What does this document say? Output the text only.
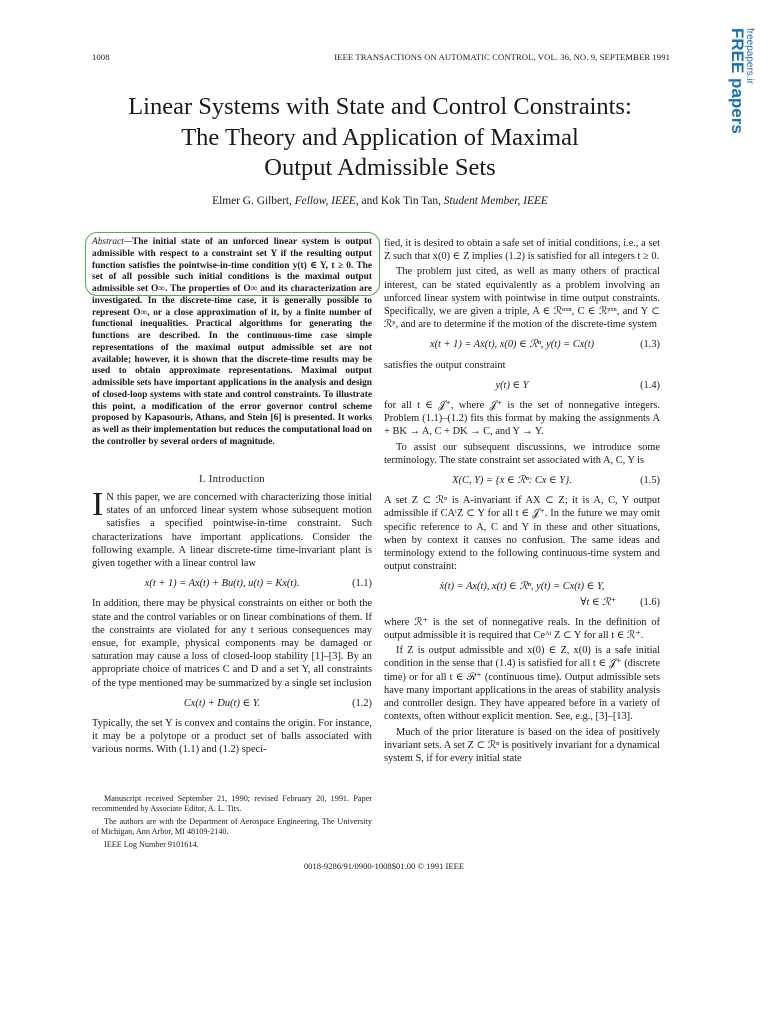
1008	IEEE TRANSACTIONS ON AUTOMATIC CONTROL, VOL. 36, NO. 9, SEPTEMBER 1991	FREE papers
freepapers.ir
Linear Systems with State and Control Constraints:
The Theory and Application of Maximal
Output Admissible Sets
Elmer G. Gilbert, Fellow, IEEE, and Kok Tin Tan, Student Member, IEEE
Abstract—The initial state of an unforced linear system is output admissible with respect to a constraint set Y if the resulting output function satisfies the pointwise-in-time condition y(t) ∈ Y, t ≥ 0. The set of all possible such initial conditions is the maximal output admissible set O∞. The properties of O∞ and its characterization are investigated. In the discrete-time case, it is generally possible to represent O∞, or a close approximation of it, by a finite number of functional inequalities. Practical algorithms for generating the functions are described. In the continuous-time case simple representations of the maximal output admissible set are not available; however, it is shown that the discrete-time results may be used to obtain approximate representations. Maximal output admissible sets have important applications in the analysis and design of closed-loop systems with state and control constraints. To illustrate this point, a modification of the error governor control scheme proposed by Kapasouris, Athans, and Stein [6] is presented. It works as well as their implementation but reduces the computational load on the controller by several orders of magnitude.
I. Introduction

I N this paper, we are concerned with characterizing those initial states of an unforced linear system whose subsequent motion satisfies a specified pointwise-in-time constraint. Such characterizations have important applications. Consider the following example. A linear discrete-time time-invariant plant is given together with a linear control law

x(t + 1) = Ax(t) + Bu(t), u(t) = Kx(t).	(1.1)

In addition, there may be physical constraints on either or both the state and the control variables or on linear combinations of them. If the constraints are violated for any t serious consequences may ensue, for example, physical components may be damaged or saturation may cause a loss of closed-loop stability [1]–[3]. By an appropriate choice of matrices C and D and a set Y, all constraints of the type mentioned may be summarized by a single set inclusion

Cx(t) + Du(t) ∈ Y.	(1.2)

Typically, the set Y is convex and contains the origin. For instance, it may be a polytope or a product set of balls associated with various norms. With (1.1) and (1.2) speci-

Manuscript received September 21, 1990; revised February 20, 1991. Paper recommended by Associate Editor, A. L. Tits.

The authors are with the Department of Aerospace Engineering, The University of Michigan, Ann Arbor, MI 48109-2140.

IEEE Log Number 9101614.

fied, it is desired to obtain a safe set of initial conditions, i.e., a set Z such that x(0) ∈ Z implies (1.2) is satisfied for all integers t ≥ 0.

The problem just cited, as well as many others of practical interest, can be stated equivalently as a problem involving an unforced linear system with pointwise in time output constraints. Specifically, we are given a triple, A ∈ ℛⁿˣⁿ, C ∈ ℛᵖˣⁿ, and Y ⊂ ℛᵖ, and are to determine if the motion of the discrete-time system

x(t + 1) = Ax(t), x(0) ∈ ℛⁿ, y(t) = Cx(t)	(1.3)

satisfies the output constraint

y(t) ∈ Y	(1.4)

for all t ∈ 𝒥⁺, where 𝒥⁺ is the set of nonnegative integers. Problem (1.1)–(1.2) fits this format by making the assignments A + BK → A, C + DK → C, and Y → Y.

To assist our subsequent discussions, we introduce some terminology. The state constraint set associated with A, C, Y is

X(C, Y) = {x ∈ ℛⁿ: Cx ∈ Y}.	(1.5)

A set Z ⊂ ℛⁿ is A-invariant if AX ⊂ Z; it is A, C, Y output admissible if CAᵗZ ⊂ Y for all t ∈ 𝒥⁺. In the future we may omit specific reference to A, C and Y in these and other situations, when by context it causes no confusion. The same ideas and terminology extend to the following continuous-time system and output constraint:

ẋ(t) = Ax(t), x(t) ∈ ℛⁿ, y(t) = Cx(t) ∈ Y,
∀t ∈ ℛ⁺	(1.6)

where ℛ⁺ is the set of nonnegative reals. In the definition of output admissible it is required that Ceᴬᵗ Z ⊂ Y for all t ∈ ℛ⁺.

If Z is output admissible and x(0) ∈ Z, x(0) is a safe initial condition in the sense that (1.4) is satisfied for all t ∈ 𝒥⁺ (discrete time) or for all t ∈ ℛ⁺ (continuous time). Output admissible sets have many important applications in the areas of stability analysis and controller design. They have appeared before in a variety of contexts, often without explicit mention. See, e.g., [3]–[13].

Much of the prior literature is based on the idea of positively invariant sets. A set Z ⊂ ℛⁿ is positively invariant for a dynamical system S, if for every initial state

0018-9286/91/0900-1008$01.00 © 1991 IEEE
